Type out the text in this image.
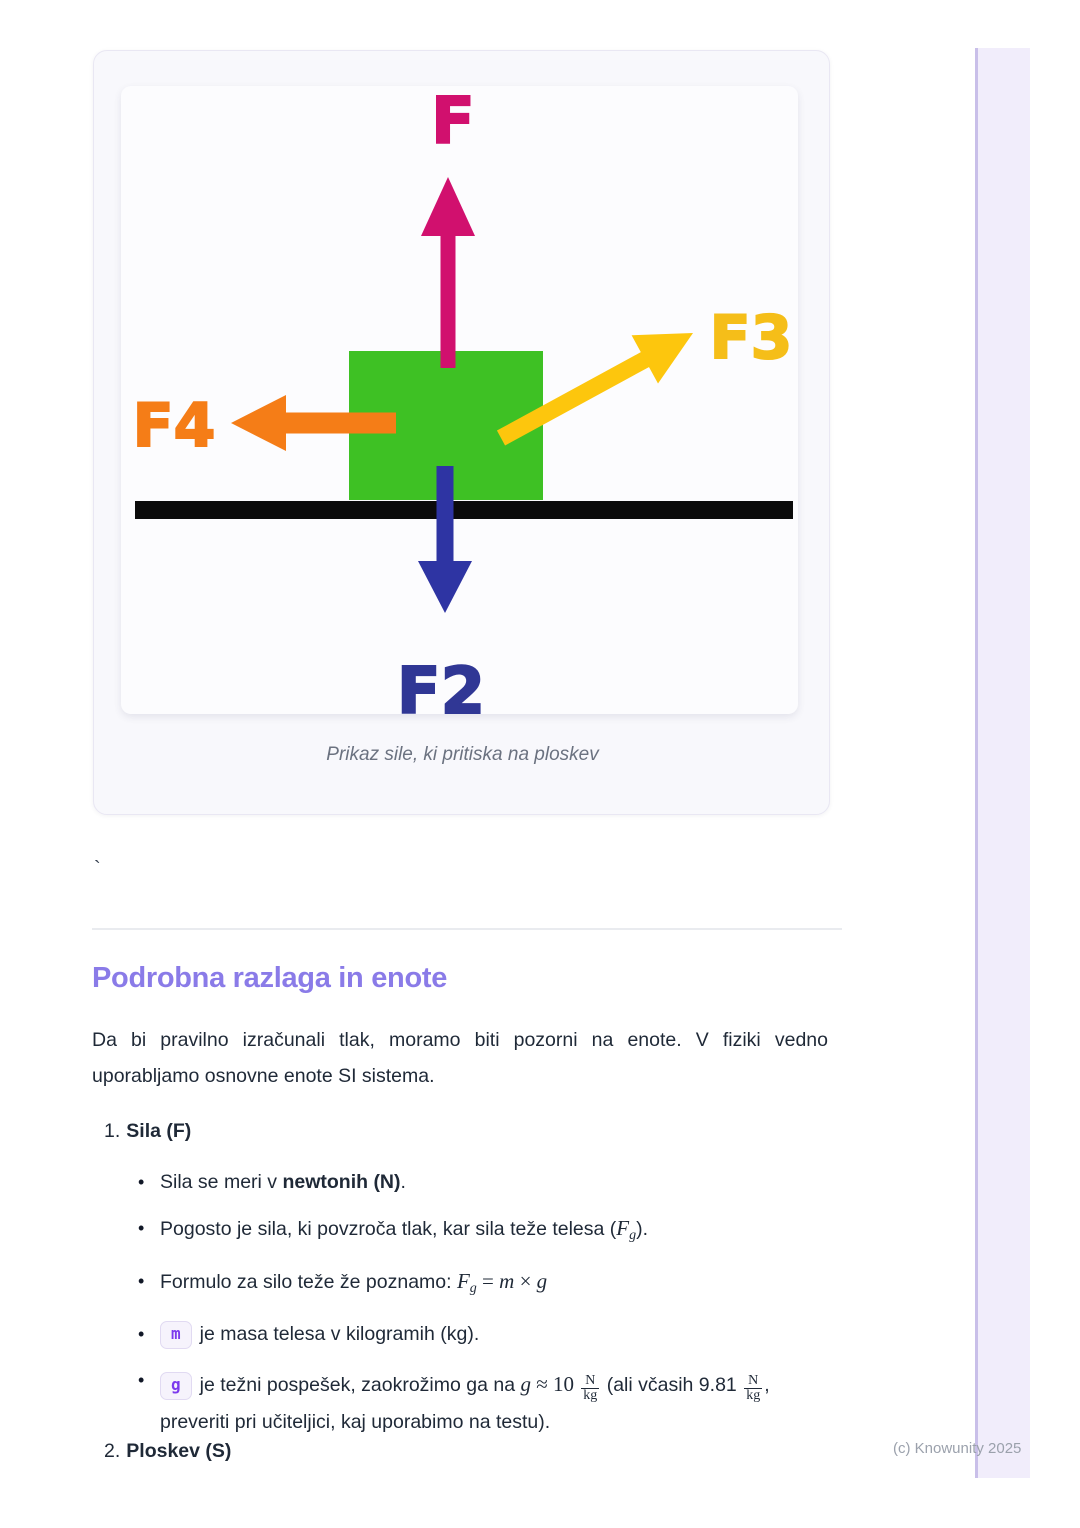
F
F4
F3
F2
Prikaz sile, ki pritiska na ploskev
`
Podrobna razlaga in enote

Da bi pravilno izračunali tlak, moramo biti pozorni na enote. V fiziki vedno uporabljamo osnovne enote SI sistema.

1. Sila (F)
• Sila se meri v newtonih (N).
• Pogosto je sila, ki povzroča tlak, kar sila teže telesa $(F_g)$.
• Formulo za silo teže že poznamo: $F_g = m \times g$
•	m je masa telesa v kilogramih (kg).
•	g je težni pospešek, zaokrožimo ga na $g \approx 10 \frac{N}{kg} (ali$ včasih $9.81 \frac{N}{kg}$ ,
preveriti pri učiteljici, kaj uporabimo na testu).
2. Ploskev (S)	(c) Knowunity 2025
